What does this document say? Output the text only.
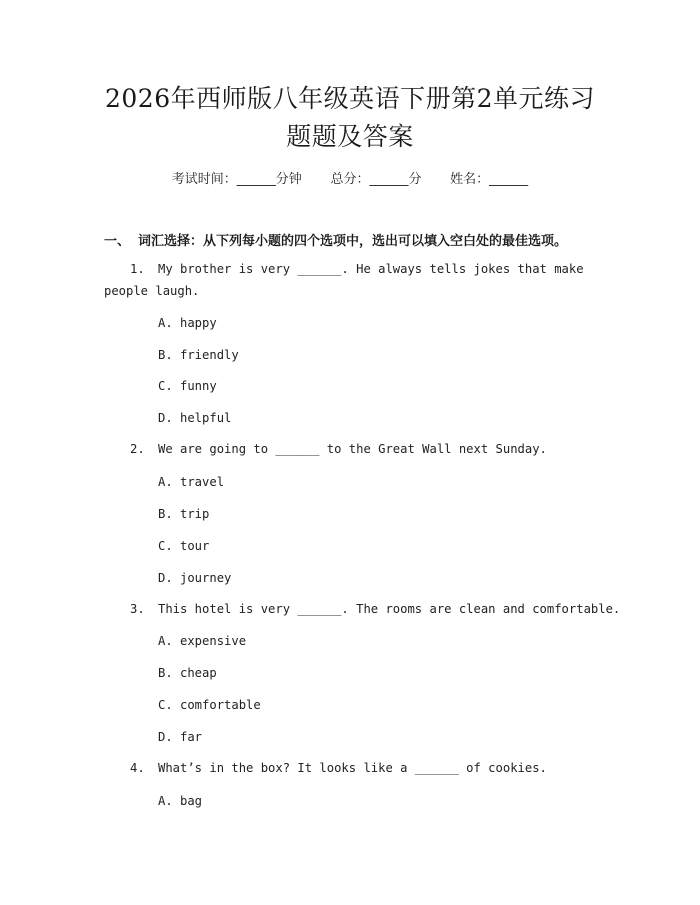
2026年西师版八年级英语下册第2单元练习
题题及答案
考试时间：______分钟 总分：______分 姓名：______
一、 词汇选择：从下列每小题的四个选项中，选出可以填入空白处的最佳选项。
1. My brother is very ______. He always tells jokes that make
people laugh.
A. happy
B. friendly
C. funny
D. helpful
2. We are going to ______ to the Great Wall next Sunday.
A. travel
B. trip
C. tour
D. journey
3. This hotel is very ______. The rooms are clean and comfortable.
A. expensive
B. cheap
C. comfortable
D. far
4. What’s in the box? It looks like a ______ of cookies.
A. bag
